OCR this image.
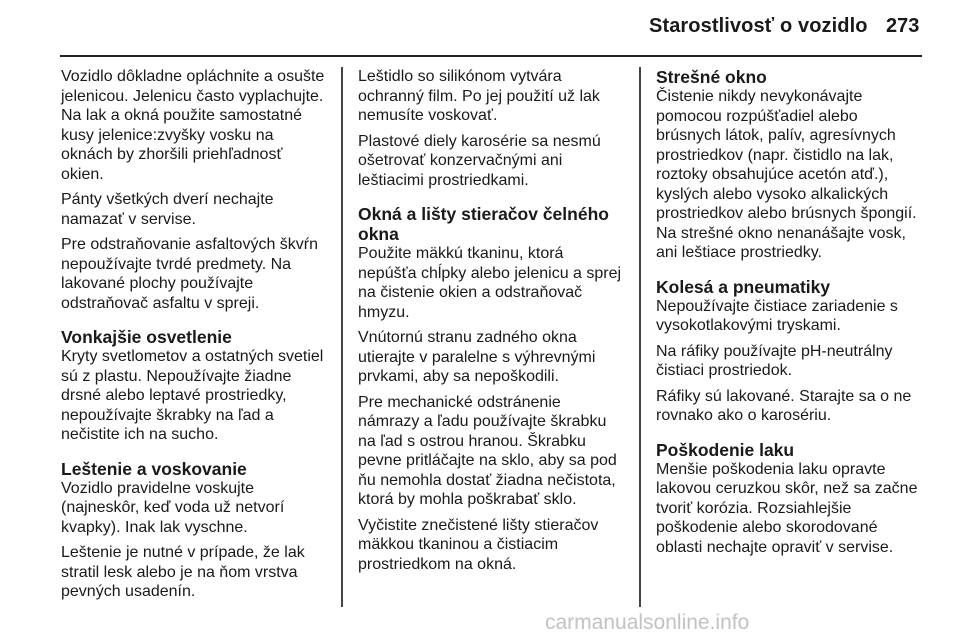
Starostlivosť o vozidlo 273

Vozidlo dôkladne opláchnite a osušte
jelenicou. Jelenicu často vyplachujte.
Na lak a okná použite samostatné
kusy jelenice:zvyšky vosku na
oknách by zhoršili priehľadnosť
okien.

Pánty všetkých dverí nechajte
namazať v servise.

Pre odstraňovanie asfaltových škvŕn
nepoužívajte tvrdé predmety. Na
lakované plochy používajte
odstraňovač asfaltu v spreji.

Vonkajšie osvetlenie

Kryty svetlometov a ostatných svetiel
sú z plastu. Nepoužívajte žiadne
drsné alebo leptavé prostriedky,
nepoužívajte škrabky na ľad a
nečistite ich na sucho.

Leštenie a voskovanie

Vozidlo pravidelne voskujte
(najneskôr, keď voda už netvorí
kvapky). Inak lak vyschne.

Leštenie je nutné v prípade, že lak
stratil lesk alebo je na ňom vrstva
pevných usadenín.

Leštidlo so silikónom vytvára
ochranný film. Po jej použití už lak
nemusíte voskovať.

Plastové diely karosérie sa nesmú
ošetrovať konzervačnými ani
leštiacimi prostriedkami.

Okná a lišty stieračov čelného
okna

Použite mäkkú tkaninu, ktorá
nepúšťa chĺpky alebo jelenicu a sprej
na čistenie okien a odstraňovač
hmyzu.

Vnútornú stranu zadného okna
utierajte v paralelne s výhrevnými
prvkami, aby sa nepoškodili.

Pre mechanické odstránenie
námrazy a ľadu používajte škrabku
na ľad s ostrou hranou. Škrabku
pevne pritláčajte na sklo, aby sa pod
ňu nemohla dostať žiadna nečistota,
ktorá by mohla poškrabať sklo.

Vyčistite znečistené lišty stieračov
mäkkou tkaninou a čistiacim
prostriedkom na okná.

Strešné okno

Čistenie nikdy nevykonávajte
pomocou rozpúšťadiel alebo
brúsnych látok, palív, agresívnych
prostriedkov (napr. čistidlo na lak,
roztoky obsahujúce acetón atď.),
kyslých alebo vysoko alkalických
prostriedkov alebo brúsnych špongií.
Na strešné okno nenanášajte vosk,
ani leštiace prostriedky.

Kolesá a pneumatiky

Nepoužívajte čistiace zariadenie s
vysokotlakovými tryskami.

Na ráfiky používajte pH-neutrálny
čistiaci prostriedok.

Ráfiky sú lakované. Starajte sa o ne
rovnako ako o karosériu.

Poškodenie laku

Menšie poškodenia laku opravte
lakovou ceruzkou skôr, než sa začne
tvoriť korózia. Rozsiahlejšie
poškodenie alebo skorodované
oblasti nechajte opraviť v servise.

carmanualsonline.info
